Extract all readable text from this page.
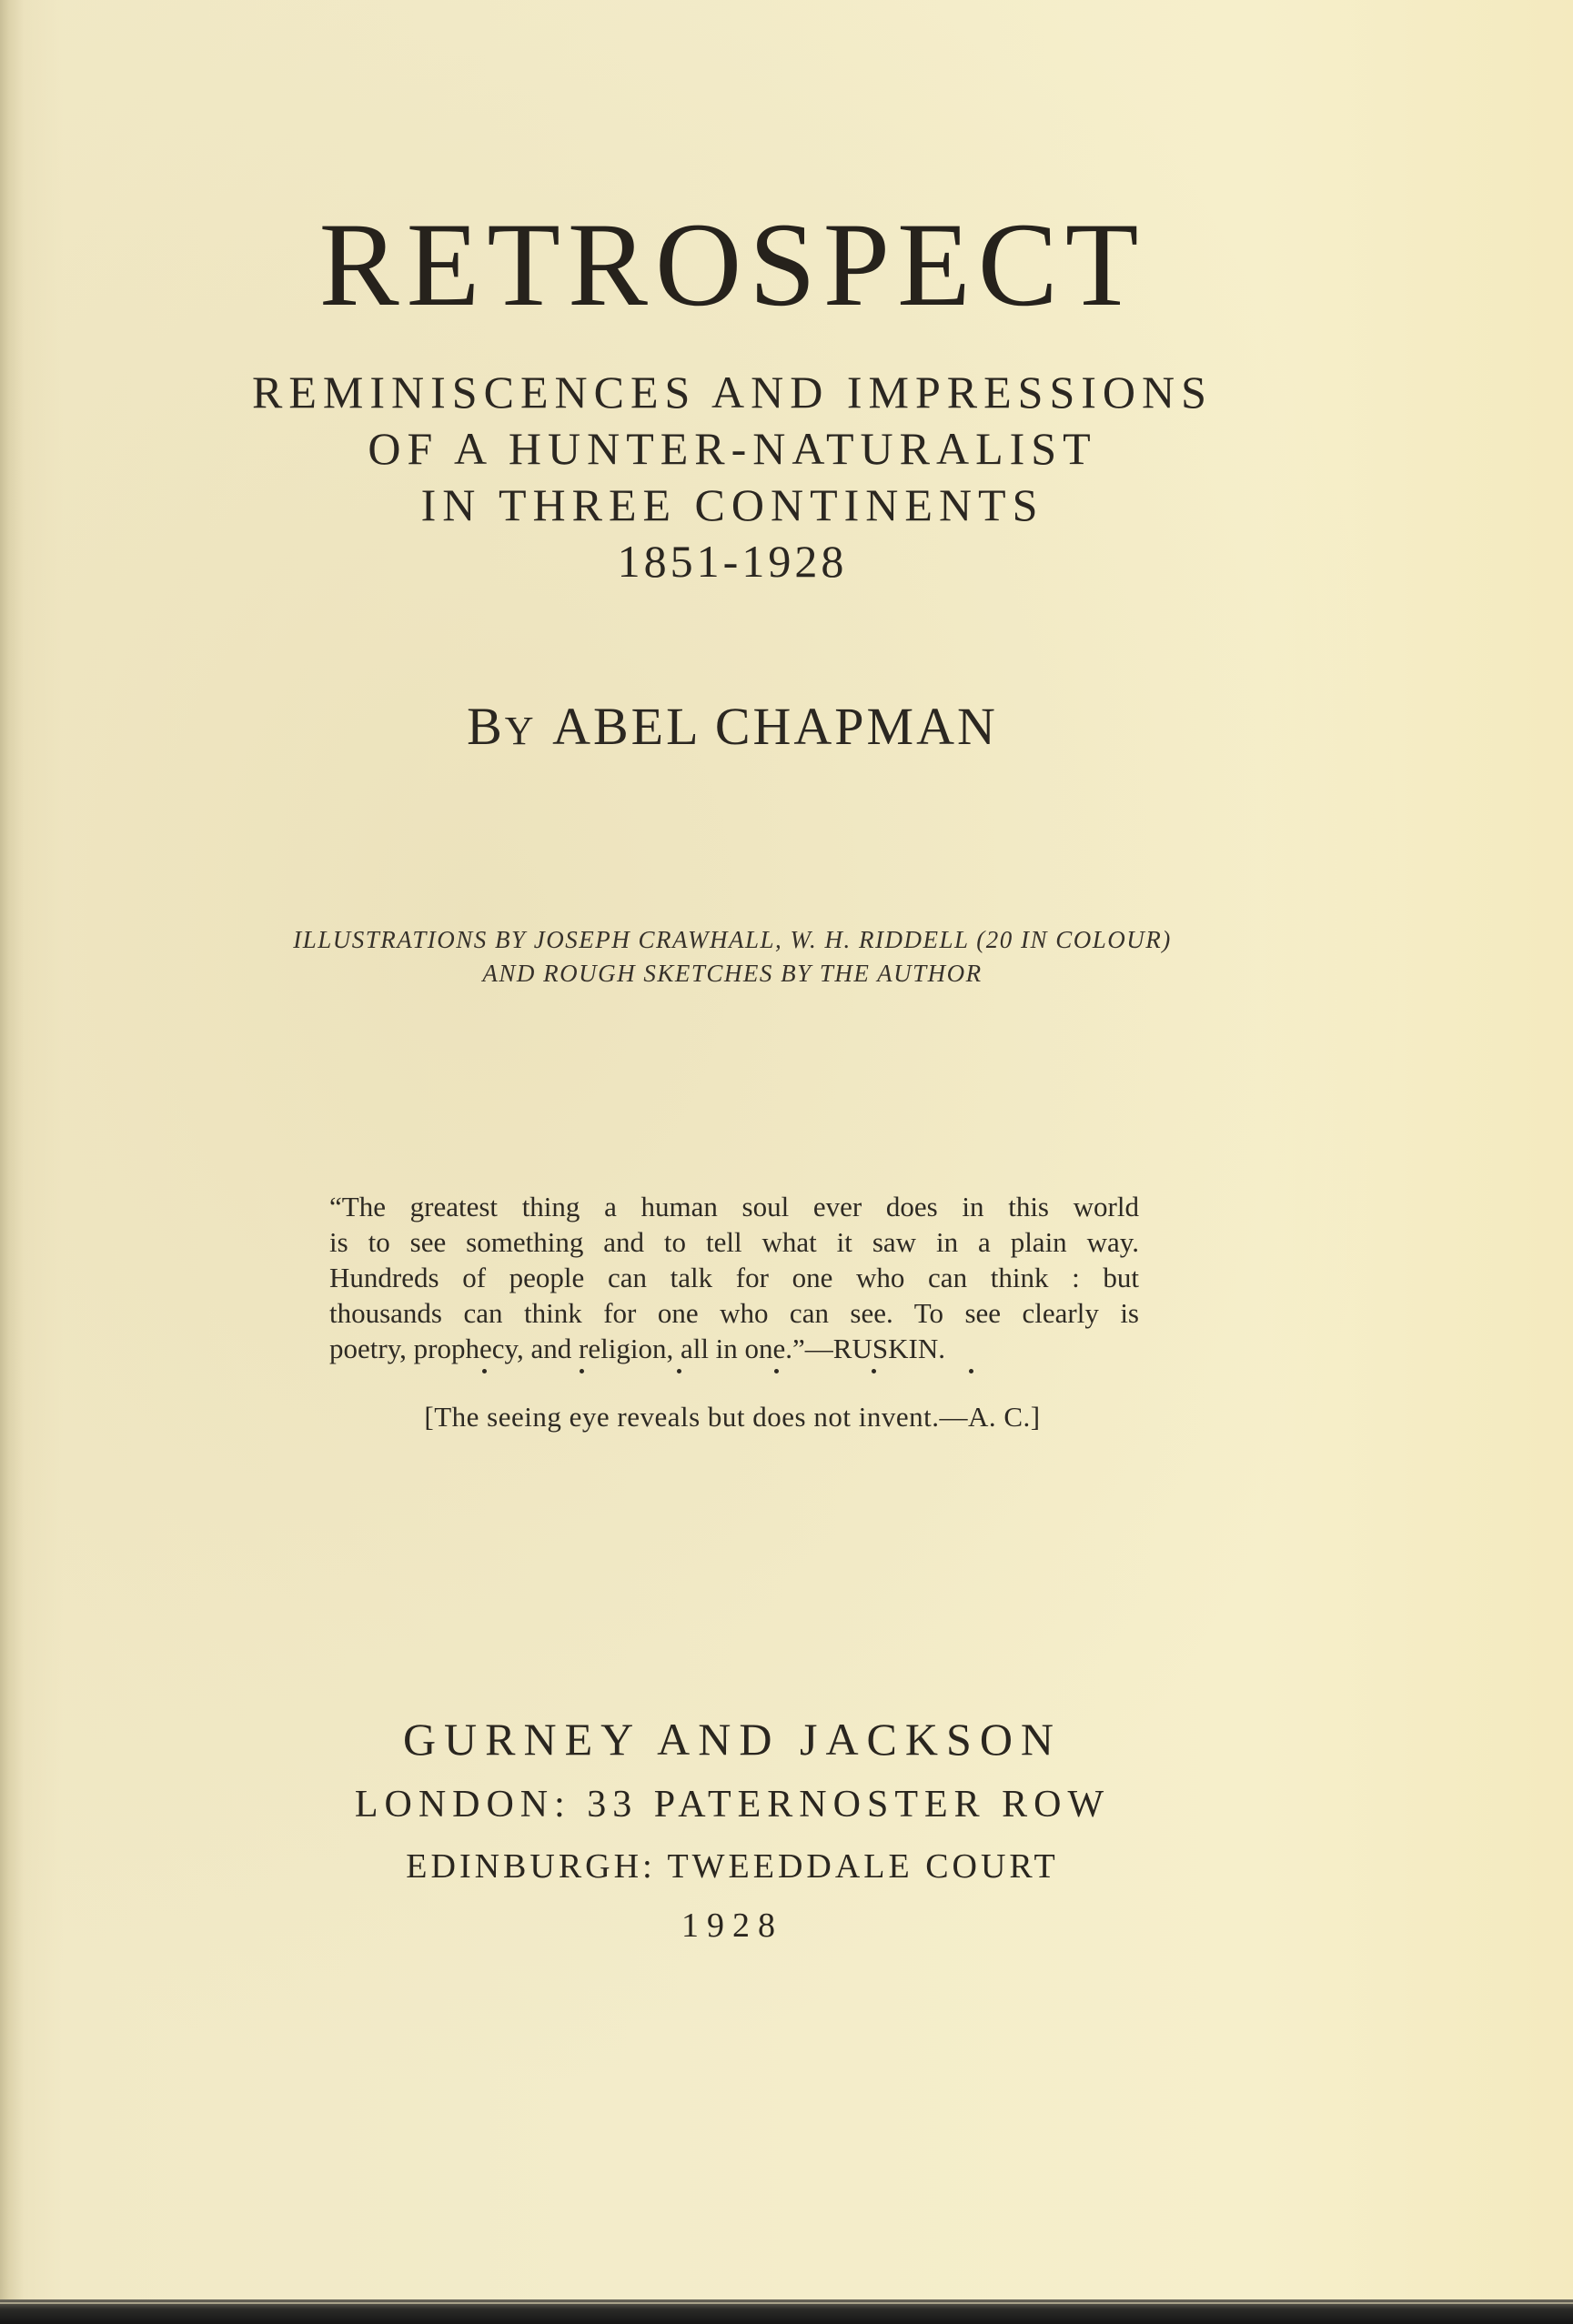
RETROSPECT
REMINISCENCES AND IMPRESSIONS
OF A HUNTER-NATURALIST
IN THREE CONTINENTS
1851-1928
BY ABEL CHAPMAN
ILLUSTRATIONS BY JOSEPH CRAWHALL, W. H. RIDDELL (20 IN COLOUR)
AND ROUGH SKETCHES BY THE AUTHOR
“The greatest thing a human soul ever does in this world
is to see something and to tell what it saw in a plain way.
Hundreds of people can talk for one who can think : but
thousands can think for one who can see. To see clearly is
poetry, prophecy, and religion, all in one.”—RUSKIN.
[The seeing eye reveals but does not invent.—A. C.]
GURNEY AND JACKSON
LONDON: 33 PATERNOSTER ROW
EDINBURGH: TWEEDDALE COURT
1928
